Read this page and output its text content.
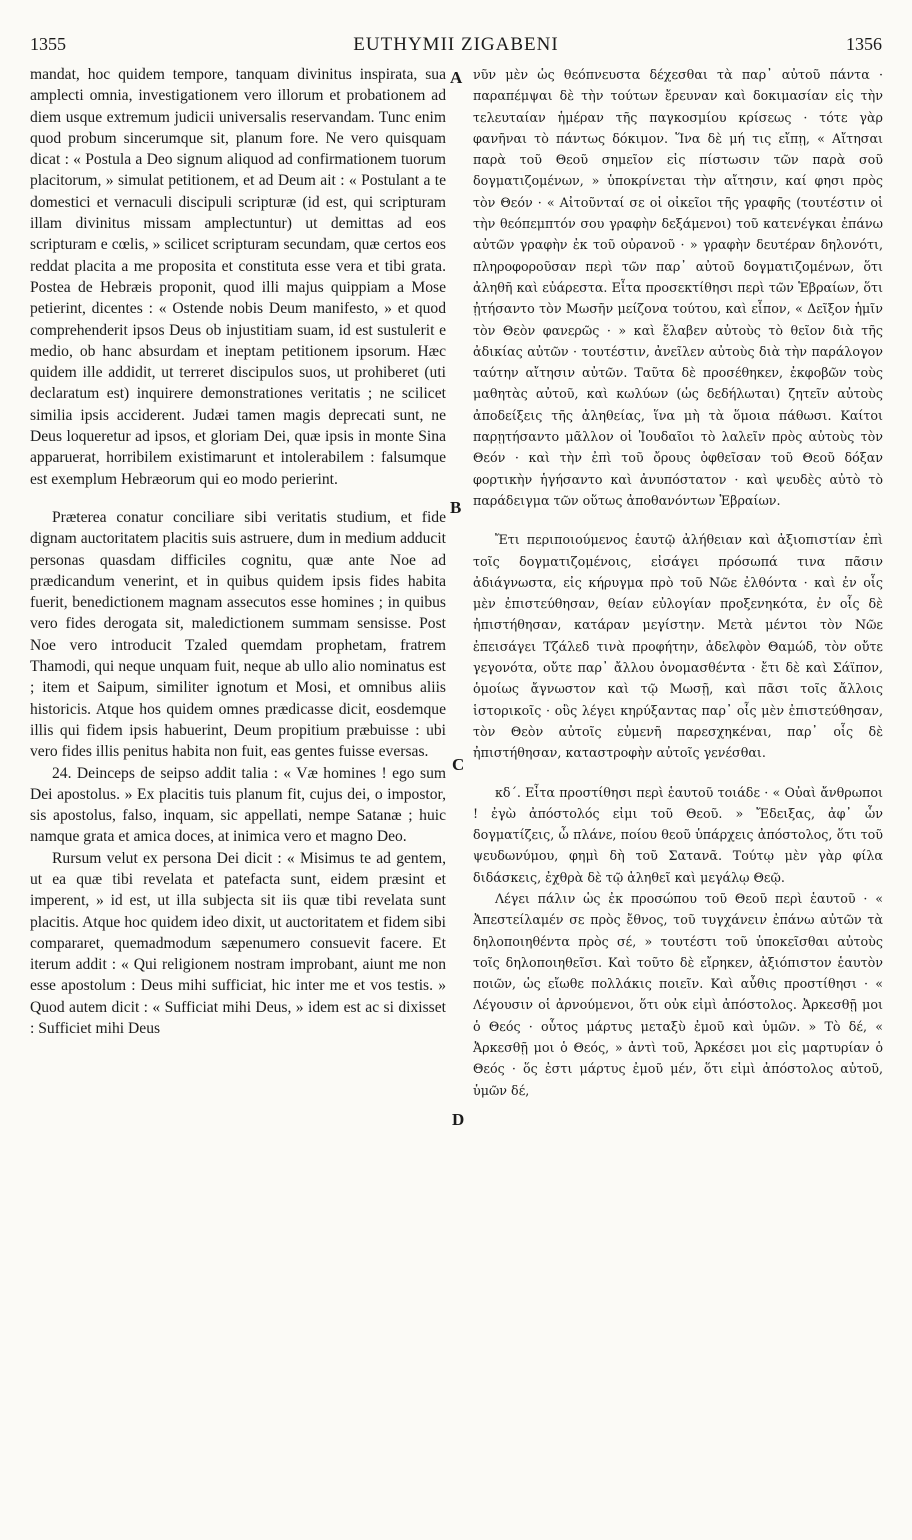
1355	EUTHYMII ZIGABENI	1356

mandat, hoc quidem tempore, tanquam divinitus inspirata, sua amplecti omnia, investigationem vero illorum et probationem ad diem usque extremum judicii universalis reservandam. Tunc enim quod probum sincerumque sit, planum fore. Ne vero quisquam dicat : « Postula a Deo signum aliquod ad confirmationem tuorum placitorum, » simulat petitionem, et ad Deum ait : « Postulant a te domestici et vernaculi discipuli scripturæ (id est, qui scripturam illam divinitus missam amplectuntur) ut demittas ad eos scripturam e cœlis, » scilicet scripturam secundam, quæ certos eos reddat placita a me proposita et constituta esse vera et tibi grata. Postea de Hebræis proponit, quod illi majus quippiam a Mose petierint, dicentes : « Ostende nobis Deum manifesto, » et quod comprehenderit ipsos Deus ob injustitiam suam, id est sustulerit e medio, ob hanc absurdam et ineptam petitionem ipsorum. Hæc quidem ille addidit, ut terreret discipulos suos, ut prohiberet (uti declaratum est) inquirere demonstrationes veritatis ; ne scilicet similia ipsis acciderent. Judæi tamen magis deprecati sunt, ne Deus loqueretur ad ipsos, et gloriam Dei, quæ ipsis in monte Sina apparuerat, horribilem existimarunt et intolerabilem : falsumque est exemplum Hebræorum qui eo modo perierint.

Præterea conatur conciliare sibi veritatis studium, et fide dignam auctoritatem placitis suis astruere, dum in medium adducit personas quasdam difficiles cognitu, quæ ante Noe ad prædicandum venerint, et in quibus quidem ipsis fides habita fuerit, benedictionem magnam assecutos esse homines ; in quibus vero fides derogata sit, maledictionem summam sensisse. Post Noe vero introducit Tzaled quemdam prophetam, fratrem Thamodi, qui neque unquam fuit, neque ab ullo alio nominatus est ; item et Saipum, similiter ignotum et Mosi, et omnibus aliis historicis. Atque hos quidem omnes prædicasse dicit, eosdemque illis qui fidem ipsis habuerint, Deum propitium præbuisse : ubi vero fides illis penitus habita non fuit, eas gentes fuisse eversas.

24. Deinceps de seipso addit talia : « Væ homines ! ego sum Dei apostolus. » Ex placitis tuis planum fit, cujus dei, o impostor, sis apostolus, falso, inquam, sic appellati, nempe Satanæ ; huic namque grata et amica doces, at inimica vero et magno Deo.

Rursum velut ex persona Dei dicit : « Misimus te ad gentem, ut ea quæ tibi revelata et patefacta sunt, eidem præsint et imperent, » id est, ut illa subjecta sit iis quæ tibi revelata sunt placitis. Atque hoc quidem ideo dixit, ut auctoritatem et fidem sibi compararet, quemadmodum sæpenumero consuevit facere. Et iterum addit : « Qui religionem nostram improbant, aiunt me non esse apostolum : Deus mihi sufficiat, hic inter me et vos testis. » Quod autem dicit : « Sufficiat mihi Deus, » idem est ac si dixisset : Sufficiet mihi Deus

A
B
C
D

νῦν μὲν ὡς θεόπνευστα δέχεσθαι τὰ παρ᾽ αὐτοῦ πάντα · παραπέμψαι δὲ τὴν τούτων ἔρευναν καὶ δοκιμασίαν εἰς τὴν τελευταίαν ἡμέραν τῆς παγκοσμίου κρίσεως · τότε γὰρ φανῆναι τὸ πάντως δόκιμον. Ἵνα δὲ μή τις εἴπῃ, « Αἴτησαι παρὰ τοῦ Θεοῦ σημεῖον εἰς πίστωσιν τῶν παρὰ σοῦ δογματιζομένων, » ὑποκρίνεται τὴν αἴτησιν, καί φησι πρὸς τὸν Θεόν · « Αἰτοῦνταί σε οἱ οἰκεῖοι τῆς γραφῆς (τουτέστιν οἱ τὴν θεόπεμπτόν σου γραφὴν δεξάμενοι) τοῦ κατενέγκαι ἐπάνω αὐτῶν γραφὴν ἐκ τοῦ οὐρανοῦ · » γραφὴν δευτέραν δηλονότι, πληροφοροῦσαν περὶ τῶν παρ᾽ αὐτοῦ δογματιζομένων, ὅτι ἀληθῆ καὶ εὐάρεστα. Εἶτα προσεκτίθησι περὶ τῶν Ἑβραίων, ὅτι ᾐτήσαντο τὸν Μωσῆν μείζονα τούτου, καὶ εἶπον, « Δεῖξον ἡμῖν τὸν Θεὸν φανερῶς · » καὶ ἔλαβεν αὐτοὺς τὸ θεῖον διὰ τῆς ἀδικίας αὐτῶν · τουτέστιν, ἀνεῖλεν αὐτοὺς διὰ τὴν παράλογον ταύτην αἴτησιν αὐτῶν. Ταῦτα δὲ προσέθηκεν, ἐκφοβῶν τοὺς μαθητὰς αὐτοῦ, καὶ κωλύων (ὡς δεδήλωται) ζητεῖν αὐτοὺς ἀποδείξεις τῆς ἀληθείας, ἵνα μὴ τὰ ὅμοια πάθωσι. Καίτοι παρῃτήσαντο μᾶλλον οἱ Ἰουδαῖοι τὸ λαλεῖν πρὸς αὐτοὺς τὸν Θεόν · καὶ τὴν ἐπὶ τοῦ ὄρους ὀφθεῖσαν τοῦ Θεοῦ δόξαν φορτικὴν ἡγήσαντο καὶ ἀνυπόστατον · καὶ ψευδὲς αὐτὸ τὸ παράδειγμα τῶν οὕτως ἀποθανόντων Ἑβραίων.

Ἔτι περιποιούμενος ἑαυτῷ ἀλήθειαν καὶ ἀξιοπιστίαν ἐπὶ τοῖς δογματιζομένοις, εἰσάγει πρόσωπά τινα πᾶσιν ἀδιάγνωστα, εἰς κήρυγμα πρὸ τοῦ Νῶε ἐλθόντα · καὶ ἐν οἷς μὲν ἐπιστεύθησαν, θείαν εὐλογίαν προξενηκότα, ἐν οἷς δὲ ἠπιστήθησαν, κατάραν μεγίστην. Μετὰ μέντοι τὸν Νῶε ἐπεισάγει Τζάλεδ τινὰ προφήτην, ἀδελφὸν Θαμώδ, τὸν οὔτε γεγονότα, οὔτε παρ᾽ ἄλλου ὀνομασθέντα · ἔτι δὲ καὶ Σάϊπον, ὁμοίως ἄγνωστον καὶ τῷ Μωσῇ, καὶ πᾶσι τοῖς ἄλλοις ἱστορικοῖς · οὓς λέγει κηρύξαντας παρ᾽ οἷς μὲν ἐπιστεύθησαν, τὸν Θεὸν αὐτοῖς εὐμενῆ παρεσχηκέναι, παρ᾽ οἷς δὲ ἠπιστήθησαν, καταστροφὴν αὐτοῖς γενέσθαι.

κδ΄. Εἶτα προστίθησι περὶ ἑαυτοῦ τοιάδε · « Οὐαὶ ἄνθρωποι ! ἐγὼ ἀπόστολός εἰμι τοῦ Θεοῦ. » Ἔδειξας, ἀφ᾽ ὧν δογματίζεις, ὦ πλάνε, ποίου θεοῦ ὑπάρχεις ἀπόστολος, ὅτι τοῦ ψευδωνύμου, φημὶ δὴ τοῦ Σατανᾶ. Τούτῳ μὲν γὰρ φίλα διδάσκεις, ἐχθρὰ δὲ τῷ ἀληθεῖ καὶ μεγάλῳ Θεῷ.

Λέγει πάλιν ὡς ἐκ προσώπου τοῦ Θεοῦ περὶ ἑαυτοῦ · « Ἀπεστείλαμέν σε πρὸς ἔθνος, τοῦ τυγχάνειν ἐπάνω αὐτῶν τὰ δηλοποιηθέντα πρὸς σέ, » τουτέστι τοῦ ὑποκεῖσθαι αὐτοὺς τοῖς δηλοποιηθεῖσι. Καὶ τοῦτο δὲ εἴρηκεν, ἀξιόπιστον ἑαυτὸν ποιῶν, ὡς εἴωθε πολλάκις ποιεῖν. Καὶ αὖθις προστίθησι · « Λέγουσιν οἱ ἀρνούμενοι, ὅτι οὐκ εἰμὶ ἀπόστολος. Ἀρκεσθῇ μοι ὁ Θεός · οὗτος μάρτυς μεταξὺ ἐμοῦ καὶ ὑμῶν. » Τὸ δέ, « Ἀρκεσθῇ μοι ὁ Θεός, » ἀντὶ τοῦ, Ἀρκέσει μοι εἰς μαρτυρίαν ὁ Θεός · ὅς ἐστι μάρτυς ἐμοῦ μέν, ὅτι εἰμὶ ἀπόστολος αὐτοῦ, ὑμῶν δέ,
